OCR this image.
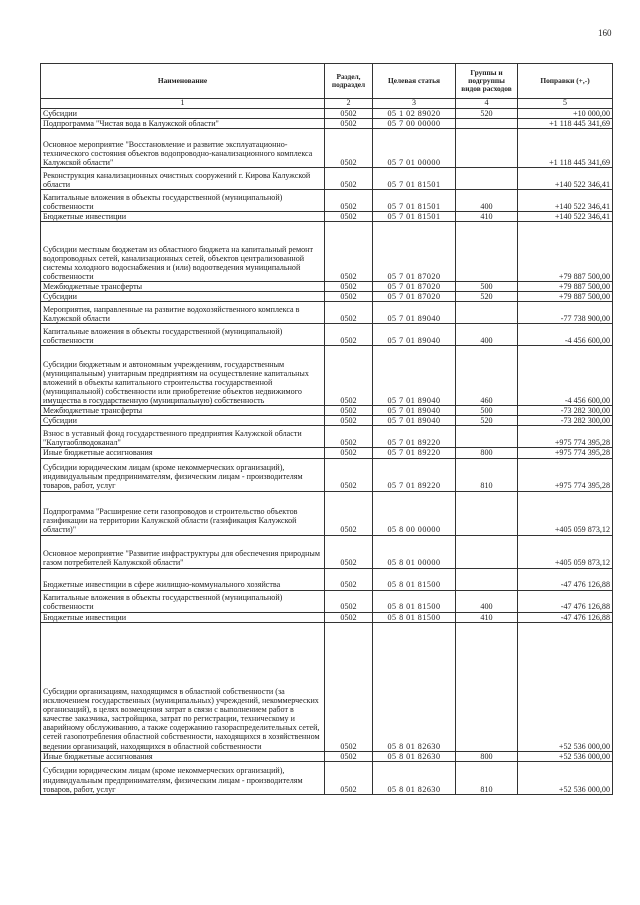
160
Наименование	Раздел, подраздел	Целевая статья	Группы и подгруппы видов расходов	Поправки (+,-)
1	2	3	4	5
Субсидии	0502	05 1 02 89020	520	+10 000,00
Подпрограмма "Чистая вода в Калужской области"	0502	05 7 00 00000		+1 118 445 341,69
Основное мероприятие "Восстановление и развитие эксплуатационно-технического состояния объектов водопроводно-канализационного комплекса Калужской области"	0502	05 7 01 00000		+1 118 445 341,69
Реконструкция канализационных очистных сооружений г. Кирова Калужской области	0502	05 7 01 81501		+140 522 346,41
Капитальные вложения в объекты государственной (муниципальной) собственности	0502	05 7 01 81501	400	+140 522 346,41
Бюджетные инвестиции	0502	05 7 01 81501	410	+140 522 346,41
Субсидии местным бюджетам из областного бюджета на капитальный ремонт водопроводных сетей, канализационных сетей, объектов централизованной системы холодного водоснабжения и (или) водоотведения муниципальной собственности	0502	05 7 01 87020		+79 887 500,00
Межбюджетные трансферты	0502	05 7 01 87020	500	+79 887 500,00
Субсидии	0502	05 7 01 87020	520	+79 887 500,00
Мероприятия, направленные на развитие водохозяйственного комплекса в Калужской области	0502	05 7 01 89040		-77 738 900,00
Капитальные вложения в объекты государственной (муниципальной) собственности	0502	05 7 01 89040	400	-4 456 600,00
Субсидии бюджетным и автономным учреждениям, государственным (муниципальным) унитарным предприятиям на осуществление капитальных вложений в объекты капитального строительства государственной (муниципальной) собственности или приобретение объектов недвижимого имущества в государственную (муниципальную) собственность	0502	05 7 01 89040	460	-4 456 600,00
Межбюджетные трансферты	0502	05 7 01 89040	500	-73 282 300,00
Субсидии	0502	05 7 01 89040	520	-73 282 300,00
Взнос в уставный фонд государственного предприятия Калужской области "Калугаоблводоканал"	0502	05 7 01 89220		+975 774 395,28
Иные бюджетные ассигнования	0502	05 7 01 89220	800	+975 774 395,28
Субсидии юридическим лицам (кроме некоммерческих организаций), индивидуальным предпринимателям, физическим лицам - производителям товаров, работ, услуг	0502	05 7 01 89220	810	+975 774 395,28
Подпрограмма "Расширение сети газопроводов и строительство объектов газификации на территории Калужской области (газификация Калужской области)"	0502	05 8 00 00000		+405 059 873,12
Основное мероприятие "Развитие инфраструктуры для обеспечения природным газом потребителей Калужской области"	0502	05 8 01 00000		+405 059 873,12
Бюджетные инвестиции в сфере жилищно-коммунального хозяйства	0502	05 8 01 81500		-47 476 126,88
Капитальные вложения в объекты государственной (муниципальной) собственности	0502	05 8 01 81500	400	-47 476 126,88
Бюджетные инвестиции	0502	05 8 01 81500	410	-47 476 126,88
Субсидии организациям, находящимся в областной собственности (за исключением государственных (муниципальных) учреждений, некоммерческих организаций), в целях возмещения затрат в связи с выполнением работ в качестве заказчика, застройщика, затрат по регистрации, техническому и аварийному обслуживанию, а также содержанию газораспределительных сетей, сетей газопотребления областной собственности, находящихся в хозяйственном ведении организаций, находящихся в областной собственности	0502	05 8 01 82630		+52 536 000,00
Иные бюджетные ассигнования	0502	05 8 01 82630	800	+52 536 000,00
Субсидии юридическим лицам (кроме некоммерческих организаций), индивидуальным предпринимателям, физическим лицам - производителям товаров, работ, услуг	0502	05 8 01 82630	810	+52 536 000,00
